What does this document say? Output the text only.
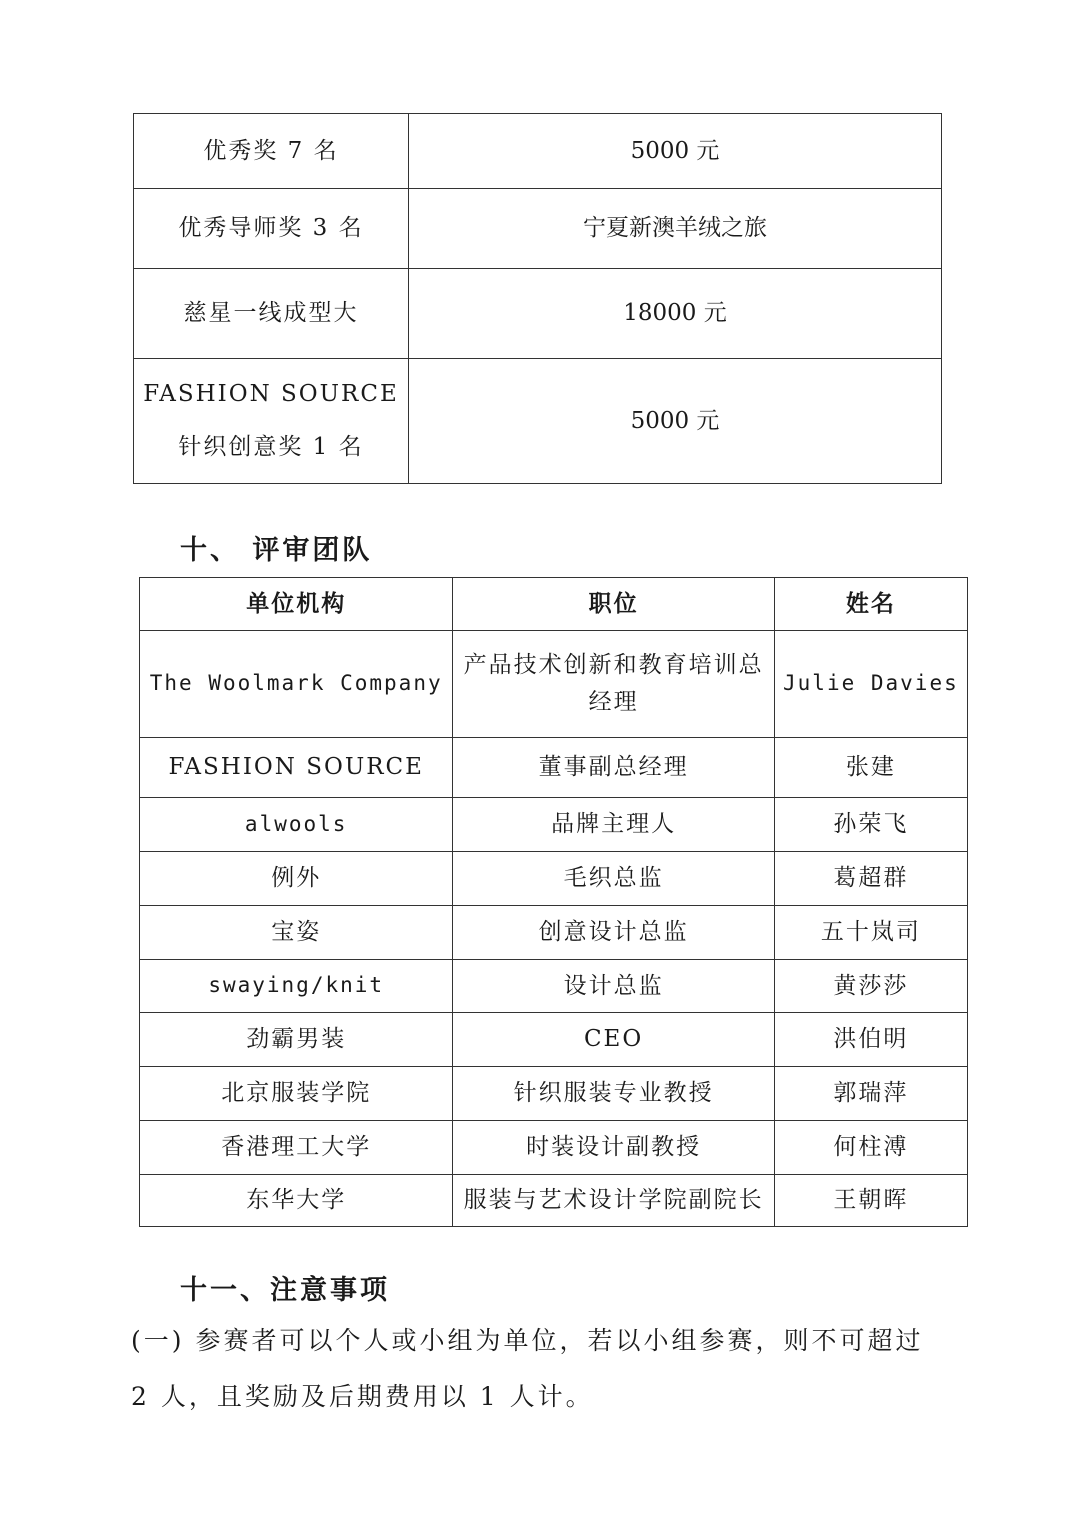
优秀奖 7 名	5000 元
优秀导师奖 3 名	宁夏新澳羊绒之旅
慈星一线成型大	18000 元
FASHION SOURCE 针织创意奖 1 名	5000 元
十、 评审团队
单位机构	职位	姓名
The Woolmark Company	产品技术创新和教育培训总经理	Julie Davies
FASHION SOURCE	董事副总经理	张建
alwools	品牌主理人	孙荣飞
例外	毛织总监	葛超群
宝姿	创意设计总监	五十岚司
swaying/knit	设计总监	黄莎莎
劲霸男装	CEO	洪伯明
北京服装学院	针织服装专业教授	郭瑞萍
香港理工大学	时装设计副教授	何柱溥
东华大学	服装与艺术设计学院副院长	王朝晖
十一、注意事项
(一) 参赛者可以个人或小组为单位，若以小组参赛，则不可超过 2 人，且奖励及后期费用以 1 人计。
